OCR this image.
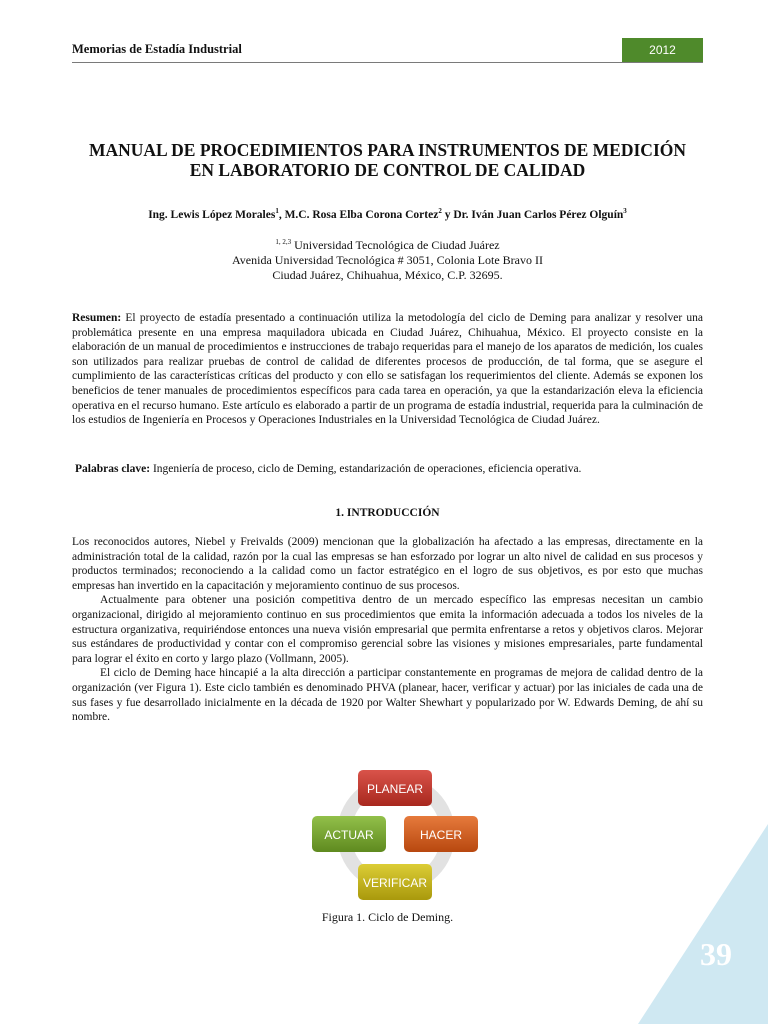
Memorias de Estadía Industrial	2012
MANUAL DE PROCEDIMIENTOS PARA INSTRUMENTOS DE MEDICIÓN
EN LABORATORIO DE CONTROL DE CALIDAD
Ing. Lewis López Morales$^1$, M.C. Rosa Elba Corona Cortez$^2$ y Dr. Iván Juan Carlos Pérez Olguín$^3$
$^{1, 2,3}$ Universidad Tecnológica de Ciudad Juárez
Avenida Universidad Tecnológica # 3051, Colonia Lote Bravo II
Ciudad Juárez, Chihuahua, México, C.P. 32695.
Resumen: El proyecto de estadía presentado a continuación utiliza la metodología del ciclo de Deming para analizar y resolver una problemática presente en una empresa maquiladora ubicada en Ciudad Juárez, Chihuahua, México. El proyecto consiste en la elaboración de un manual de procedimientos e instrucciones de trabajo requeridas para el manejo de los aparatos de medición, los cuales son utilizados para realizar pruebas de control de calidad de diferentes procesos de producción, de tal forma, que se asegure el cumplimiento de las características críticas del producto y con ello se satisfagan los requerimientos del cliente. Además se exponen los beneficios de tener manuales de procedimientos específicos para cada tarea en operación, ya que la estandarización eleva la eficiencia operativa en el recurso humano. Este artículo es elaborado a partir de un programa de estadía industrial, requerida para la culminación de los estudios de Ingeniería en Procesos y Operaciones Industriales en la Universidad Tecnológica de Ciudad Juárez.
Palabras clave: Ingeniería de proceso, ciclo de Deming, estandarización de operaciones, eficiencia operativa.
1. INTRODUCCIÓN

Los reconocidos autores, Niebel y Freivalds (2009) mencionan que la globalización ha afectado a las empresas, directamente en la administración total de la calidad, razón por la cual las empresas se han esforzado por lograr un alto nivel de calidad en sus procesos y productos terminados; reconociendo a la calidad como un factor estratégico en el logro de sus objetivos, es por esto que muchas empresas han invertido en la capacitación y mejoramiento continuo de sus procesos.

Actualmente para obtener una posición competitiva dentro de un mercado específico las empresas necesitan un cambio organizacional, dirigido al mejoramiento continuo en sus procedimientos que emita la información adecuada a todos los niveles de la estructura organizativa, requiriéndose entonces una nueva visión empresarial que permita enfrentarse a retos y objetivos claros. Mejorar sus estándares de productividad y contar con el compromiso gerencial sobre las visiones y misiones empresariales, parte fundamental para lograr el éxito en corto y largo plazo (Vollmann, 2005).

El ciclo de Deming hace hincapié a la alta dirección a participar constantemente en programas de mejora de calidad dentro de la organización (ver Figura 1). Este ciclo también es denominado PHVA (planear, hacer, verificar y actuar) por las iniciales de cada una de sus fases y fue desarrollado inicialmente en la década de 1920 por Walter Shewhart y popularizado por W. Edwards Deming, de ahí su nombre.

PLANEAR
ACTUAR	HACER
VERIFICAR
Figura 1. Ciclo de Deming.
39
